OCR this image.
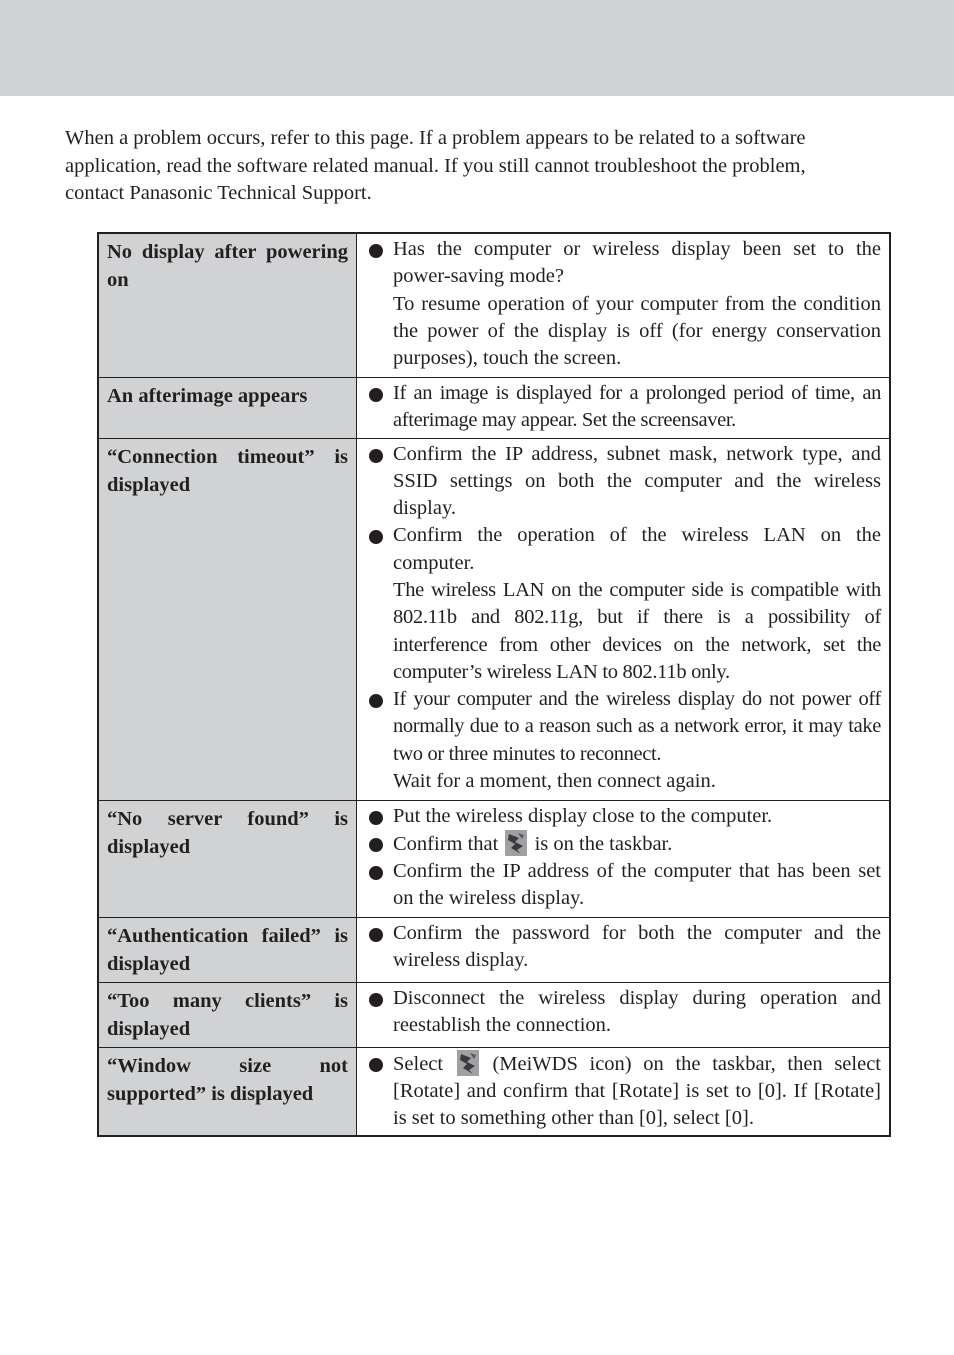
When a problem occurs, refer to this page. If a problem appears to be related to a software
application, read the software related manual. If you still cannot troubleshoot the problem,
contact Panasonic Technical Support.
No display after powering on	Has the computer or wireless display been set to the power-saving mode?
To resume operation of your computer from the condition the power of the display is off (for energy conservation purposes), touch the screen.

An afterimage appears	If an image is displayed for a prolonged period of time, an afterimage may appear. Set the screensaver.

“Connection timeout” is displayed	Confirm the IP address, subnet mask, network type, and SSID settings on both the computer and the wireless display.
Confirm the operation of the wireless LAN on the computer.
The wireless LAN on the computer side is compatible with 802.11b and 802.11g, but if there is a possibility of interference from other devices on the network, set the computer’s wireless LAN to 802.11b only.
If your computer and the wireless display do not power off normally due to a reason such as a network error, it may take two or three minutes to reconnect.
Wait for a moment, then connect again.

“No server found” is displayed	Put the wireless display close to the computer.
Confirm that is on the taskbar.
Confirm the IP address of the computer that has been set on the wireless display.

“Authentication failed” is displayed	Confirm the password for both the computer and the wireless display.

“Too many clients” is displayed	Disconnect the wireless display during operation and reestablish the connection.

“Window size not supported” is displayed	Select (MeiWDS icon) on the taskbar, then select [Rotate] and confirm that [Rotate] is set to [0]. If [Rotate] is set to something other than [0], select [0].
